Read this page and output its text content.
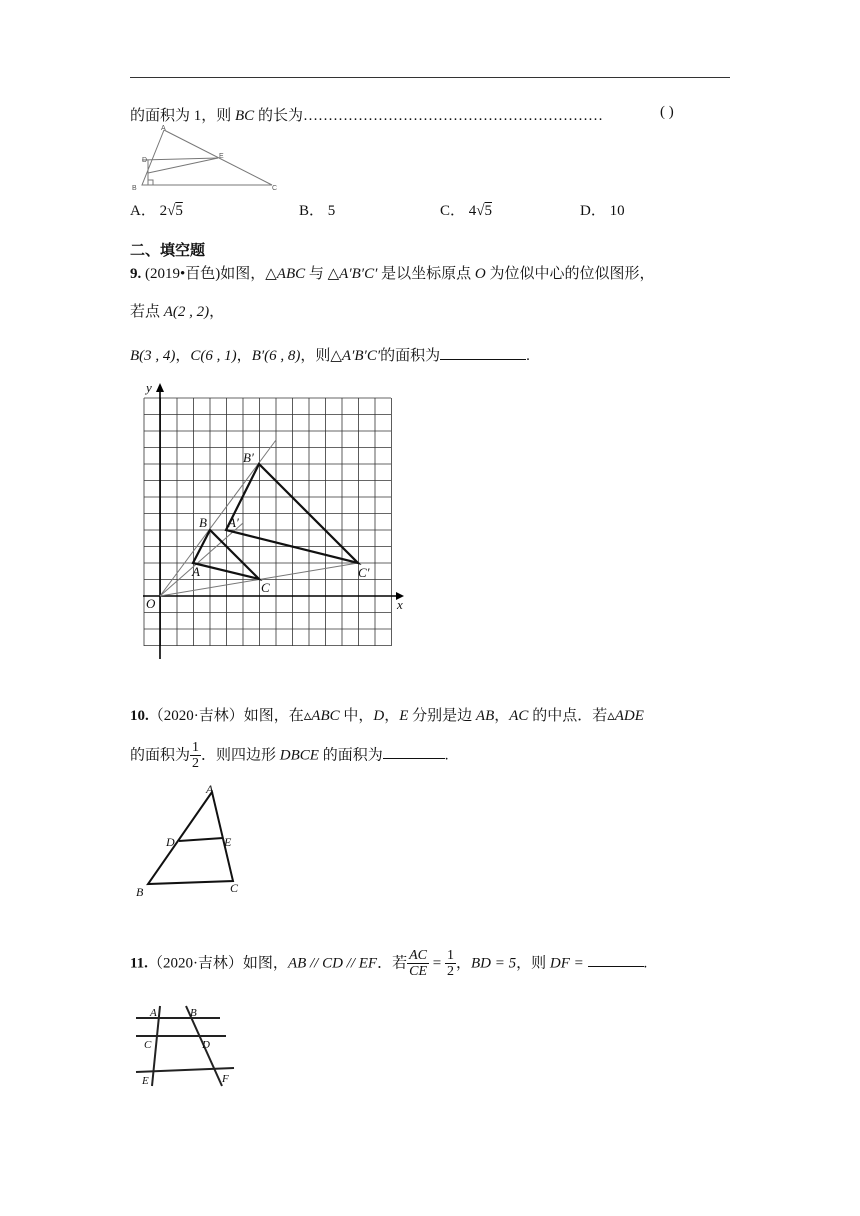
的面积为 1，则 BC 的长为……………………………………………………	( )
A
B	C
D
E
A． 2√5	B． 5	C． 4√5	D． 10
二、填空题
9. (2019•百色)如图，△ABC 与 △A′B′C′ 是以坐标原点 O 为位似中心的位似图形，
若点 A(2 , 2)，
B(3 , 4)，C(6 , 1)，B′(6 , 8)，则△A′B′C′的面积为	.
x
y
O
A
B
C
A′
B′
C′
10.（2020·吉林）如图，在▵ABC 中，D，E 分别是边 AB，AC 的中点．若▵ADE
的面积为 $\frac{1}{2}$ ．则四边形 DBCE 的面积为	.
A
D	E
B	C
11.（2020·吉林）如图，AB // CD // EF．若 $\frac{AC}{CE} = \frac{1}{2}$ ，BD = 5，则 DF =	.
A	B
C	D
E	F
